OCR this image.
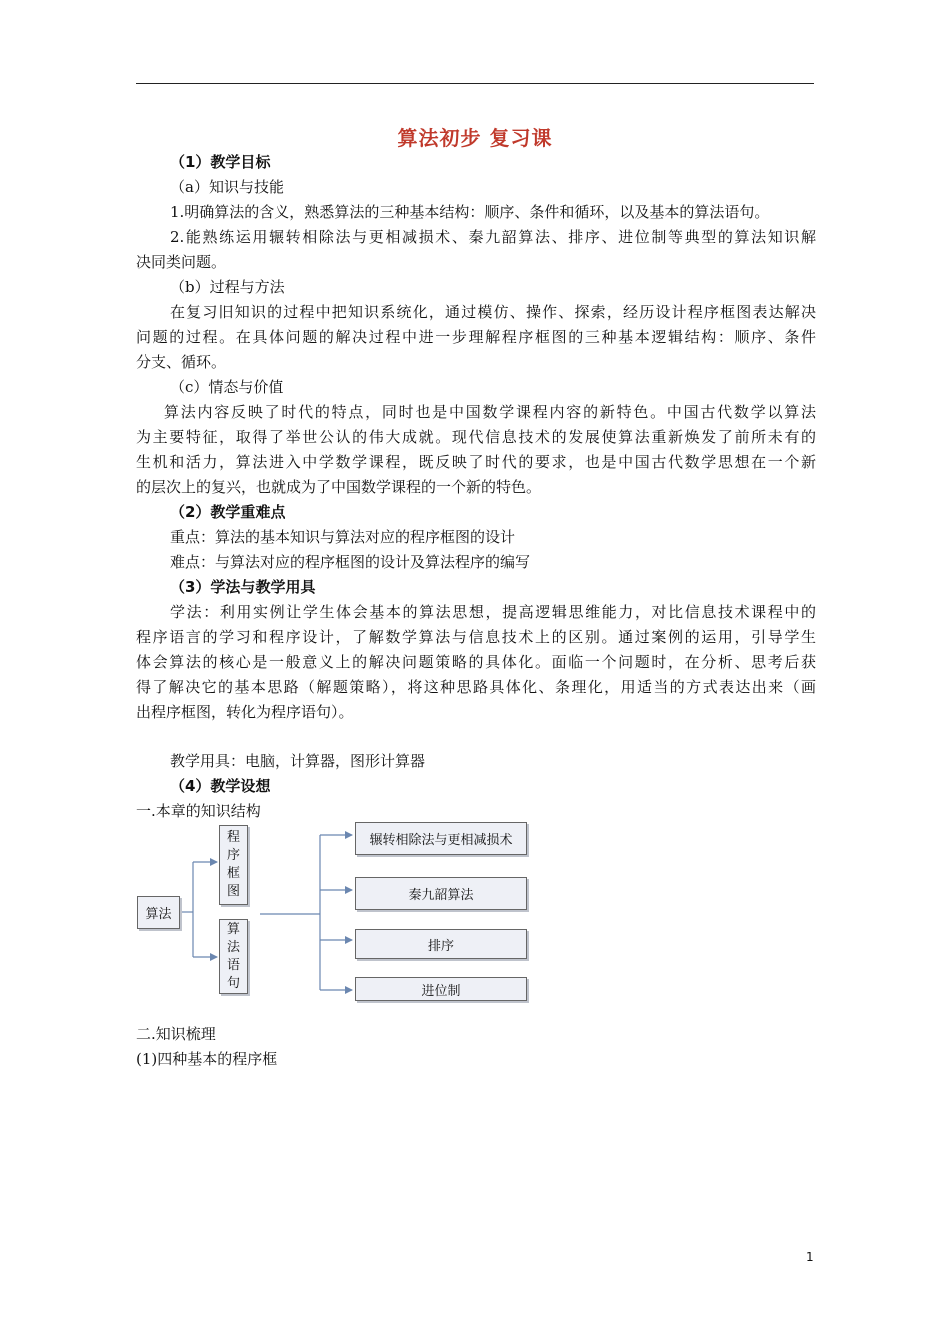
算法初步 复习课
（1）教学目标
（a）知识与技能
1.明确算法的含义，熟悉算法的三种基本结构：顺序、条件和循环，以及基本的算法语句。
2.能熟练运用辗转相除法与更相减损术、秦九韶算法、排序、进位制等典型的算法知识解
决同类问题。
（b）过程与方法
在复习旧知识的过程中把知识系统化，通过模仿、操作、探索，经历设计程序框图表达解决
问题的过程。在具体问题的解决过程中进一步理解程序框图的三种基本逻辑结构：顺序、条件
分支、循环。
（c）情态与价值
算法内容反映了时代的特点，同时也是中国数学课程内容的新特色。中国古代数学以算法
为主要特征，取得了举世公认的伟大成就。现代信息技术的发展使算法重新焕发了前所未有的
生机和活力，算法进入中学数学课程，既反映了时代的要求，也是中国古代数学思想在一个新
的层次上的复兴，也就成为了中国数学课程的一个新的特色。
（2）教学重难点
重点：算法的基本知识与算法对应的程序框图的设计
难点：与算法对应的程序框图的设计及算法程序的编写
（3）学法与教学用具
学法：利用实例让学生体会基本的算法思想，提高逻辑思维能力，对比信息技术课程中的
程序语言的学习和程序设计，了解数学算法与信息技术上的区别。通过案例的运用，引导学生
体会算法的核心是一般意义上的解决问题策略的具体化。面临一个问题时，在分析、思考后获
得了解决它的基本思路（解题策略），将这种思路具体化、条理化，用适当的方式表达出来（画
出程序框图，转化为程序语句）。
教学用具：电脑，计算器，图形计算器
（4）教学设想
一.本章的知识结构
算法
程
序
框
图
算
法
语
句
辗转相除法与更相减损术
秦九韶算法
排序
进位制
二.知识梳理
(1)四种基本的程序框
1
